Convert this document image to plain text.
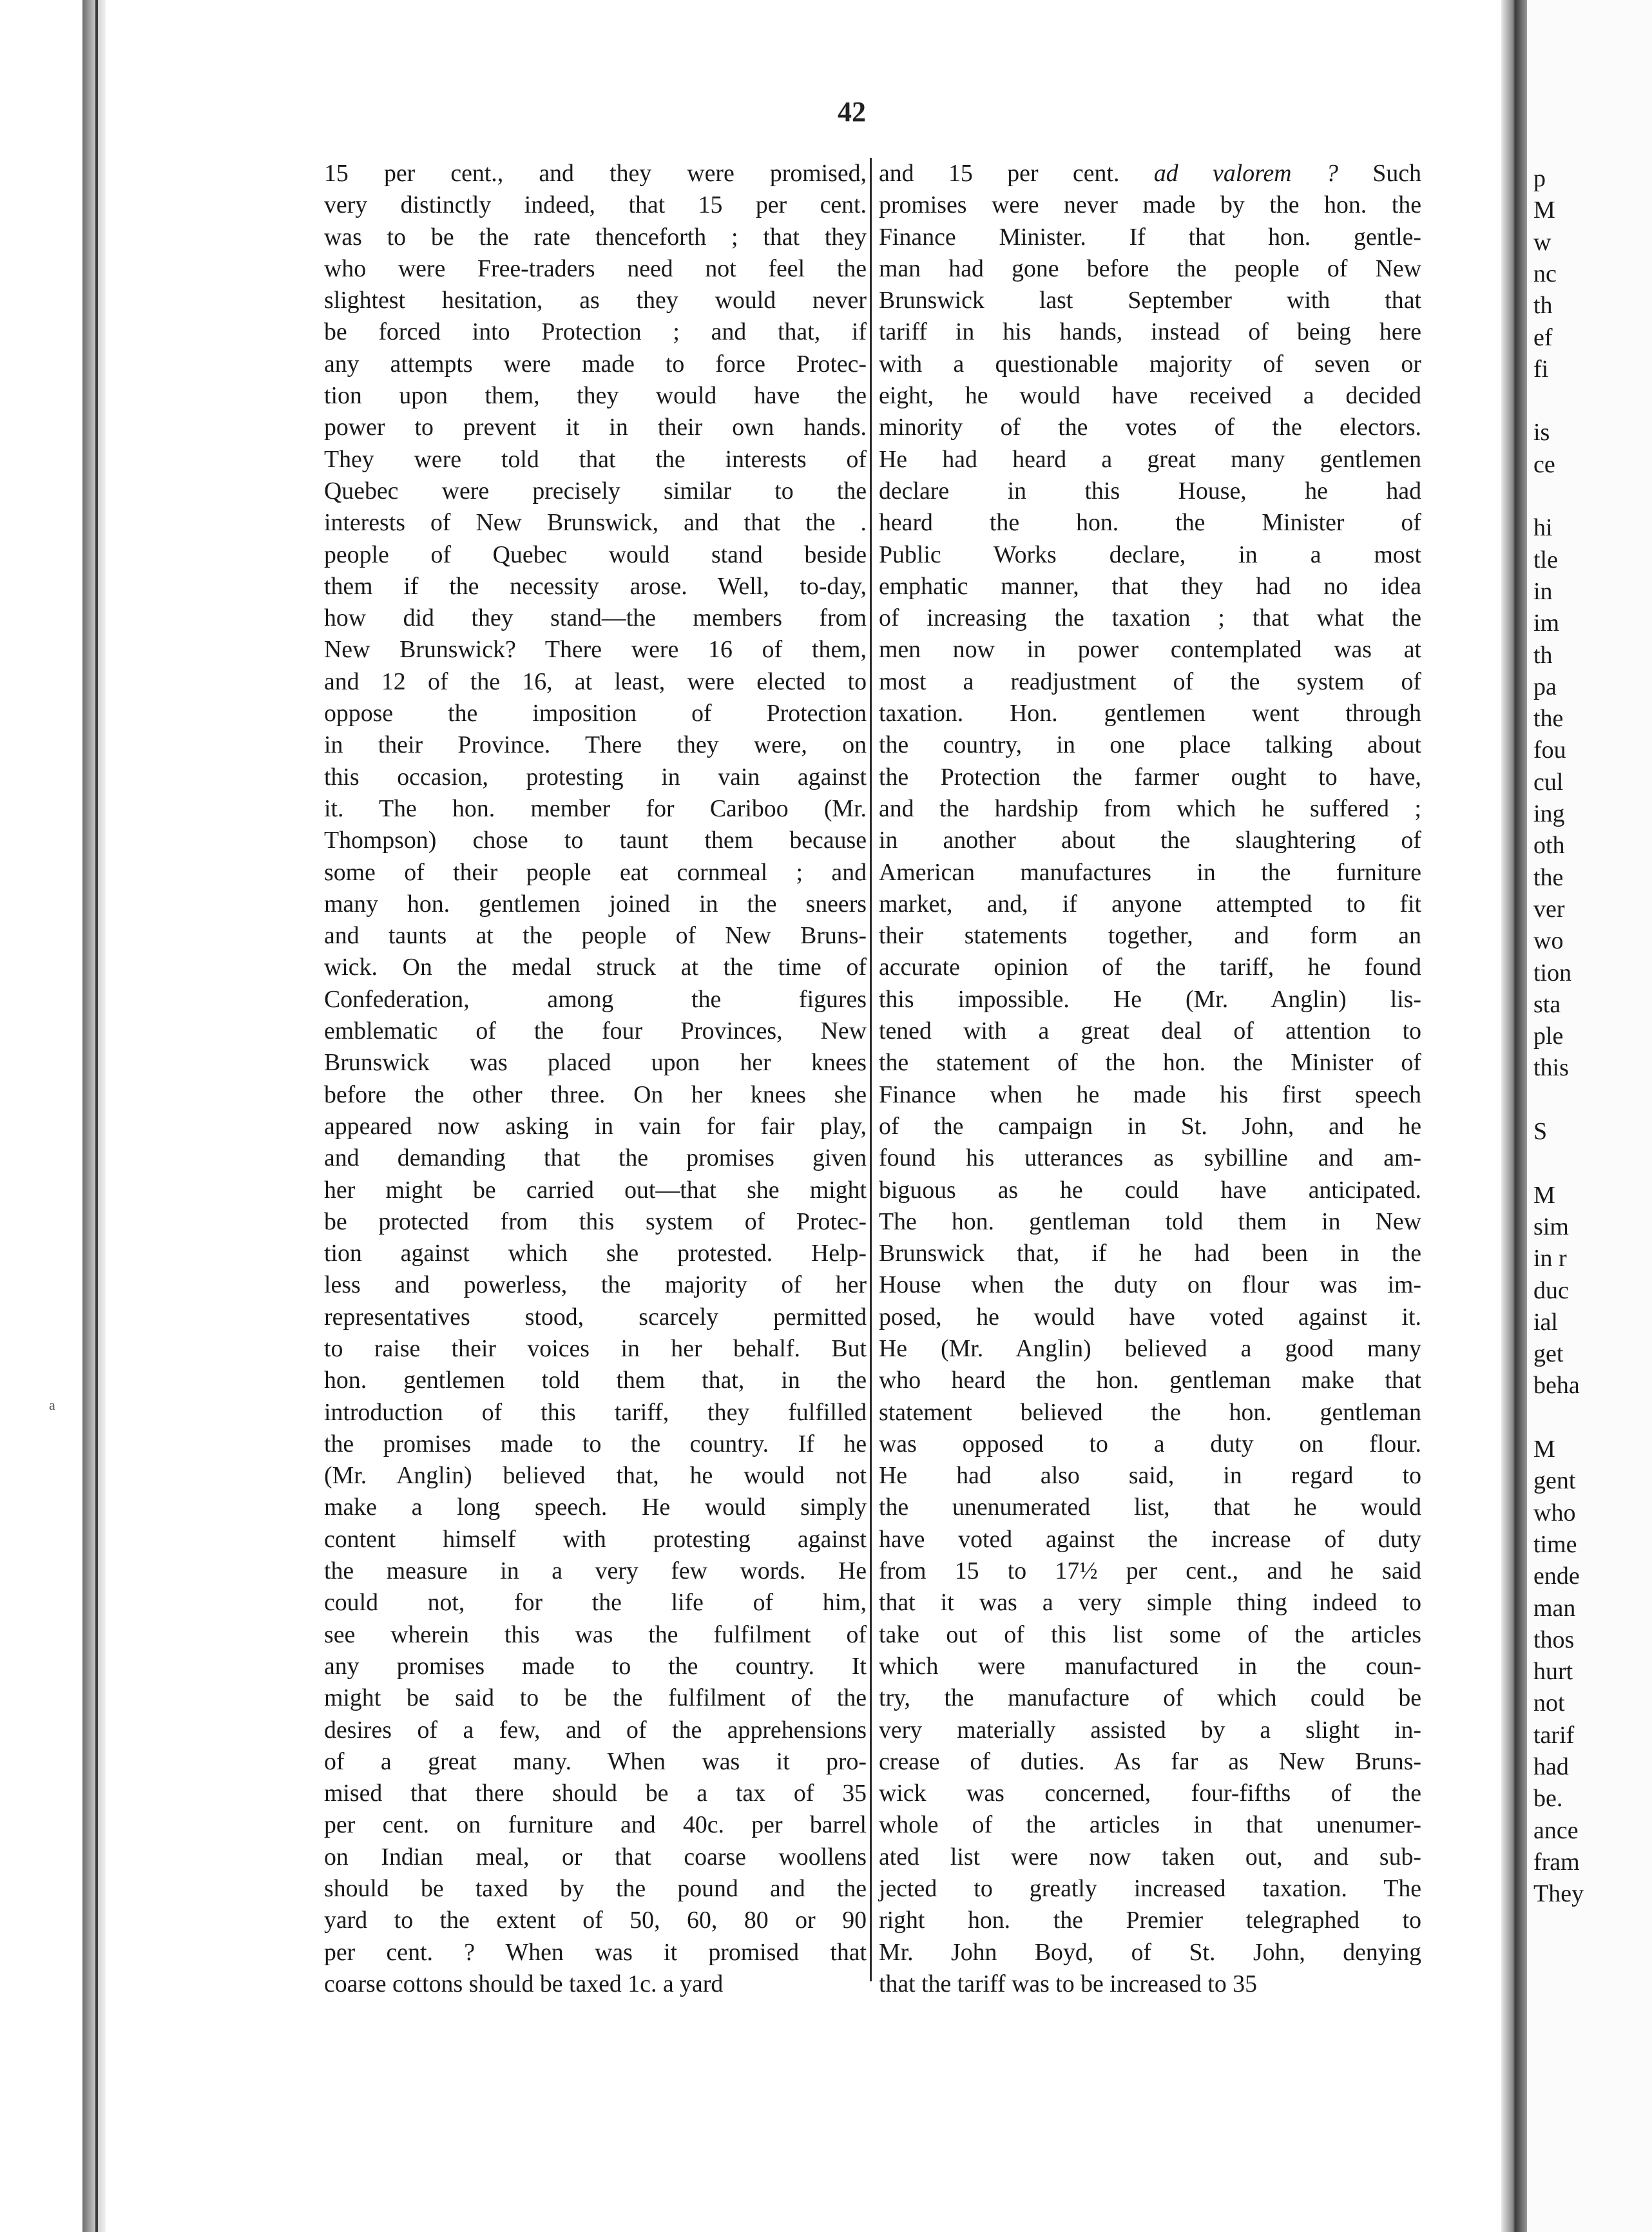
a
42
15 per cent., and they were promised,
very distinctly indeed, that 15 per cent.
was to be the rate thenceforth ; that they
who were Free-traders need not feel the
slightest hesitation, as they would never
be forced into Protection ; and that, if
any attempts were made to force Protec-
tion upon them, they would have the
power to prevent it in their own hands.
They were told that the interests of
Quebec were precisely similar to the
interests of New Brunswick, and that the .
people of Quebec would stand beside
them if the necessity arose. Well, to-day,
how did they stand—the members from
New Brunswick? There were 16 of them,
and 12 of the 16, at least, were elected to
oppose the imposition of Protection
in their Province. There they were, on
this occasion, protesting in vain against
it. The hon. member for Cariboo (Mr.
Thompson) chose to taunt them because
some of their people eat cornmeal ; and
many hon. gentlemen joined in the sneers
and taunts at the people of New Bruns-
wick. On the medal struck at the time of
Confederation, among the figures
emblematic of the four Provinces, New
Brunswick was placed upon her knees
before the other three. On her knees she
appeared now asking in vain for fair play,
and demanding that the promises given
her might be carried out—that she might
be protected from this system of Protec-
tion against which she protested. Help-
less and powerless, the majority of her
representatives stood, scarcely permitted
to raise their voices in her behalf. But
hon. gentlemen told them that, in the
introduction of this tariff, they fulfilled
the promises made to the country. If he
(Mr. Anglin) believed that, he would not
make a long speech. He would simply
content himself with protesting against
the measure in a very few words. He
could not, for the life of him,
see wherein this was the fulfilment of
any promises made to the country. It
might be said to be the fulfilment of the
desires of a few, and of the apprehensions
of a great many. When was it pro-
mised that there should be a tax of 35
per cent. on furniture and 40c. per barrel
on Indian meal, or that coarse woollens
should be taxed by the pound and the
yard to the extent of 50, 60, 80 or 90
per cent. ? When was it promised that
coarse cottons should be taxed 1c. a yard
and 15 per cent. ad valorem ? Such
promises were never made by the hon. the
Finance Minister. If that hon. gentle-
man had gone before the people of New
Brunswick last September with that
tariff in his hands, instead of being here
with a questionable majority of seven or
eight, he would have received a decided
minority of the votes of the electors.
He had heard a great many gentlemen
declare in this House, he had
heard the hon. the Minister of
Public Works declare, in a most
emphatic manner, that they had no idea
of increasing the taxation ; that what the
men now in power contemplated was at
most a readjustment of the system of
taxation. Hon. gentlemen went through
the country, in one place talking about
the Protection the farmer ought to have,
and the hardship from which he suffered ;
in another about the slaughtering of
American manufactures in the furniture
market, and, if anyone attempted to fit
their statements together, and form an
accurate opinion of the tariff, he found
this impossible. He (Mr. Anglin) lis-
tened with a great deal of attention to
the statement of the hon. the Minister of
Finance when he made his first speech
of the campaign in St. John, and he
found his utterances as sybilline and am-
biguous as he could have anticipated.
The hon. gentleman told them in New
Brunswick that, if he had been in the
House when the duty on flour was im-
posed, he would have voted against it.
He (Mr. Anglin) believed a good many
who heard the hon. gentleman make that
statement believed the hon. gentleman
was opposed to a duty on flour.
He had also said, in regard to
the unenumerated list, that he would
have voted against the increase of duty
from 15 to 17½ per cent., and he said
that it was a very simple thing indeed to
take out of this list some of the articles
which were manufactured in the coun-
try, the manufacture of which could be
very materially assisted by a slight in-
crease of duties. As far as New Bruns-
wick was concerned, four-fifths of the
whole of the articles in that unenumer-
ated list were now taken out, and sub-
jected to greatly increased taxation. The
right hon. the Premier telegraphed to
Mr. John Boyd, of St. John, denying
that the tariff was to be increased to 35
p
M
w
nc
th
ef
fi
is
ce
hi
tle
in
im
th
pa
the
fou
cul
ing
oth
the
ver
wo
tion
sta
ple
this
S
M
sim
in r
duc
ial
get
beha
M
gent
who
time
ende
man
thos
hurt
not
tarif
had
be.
ance
fram
They
